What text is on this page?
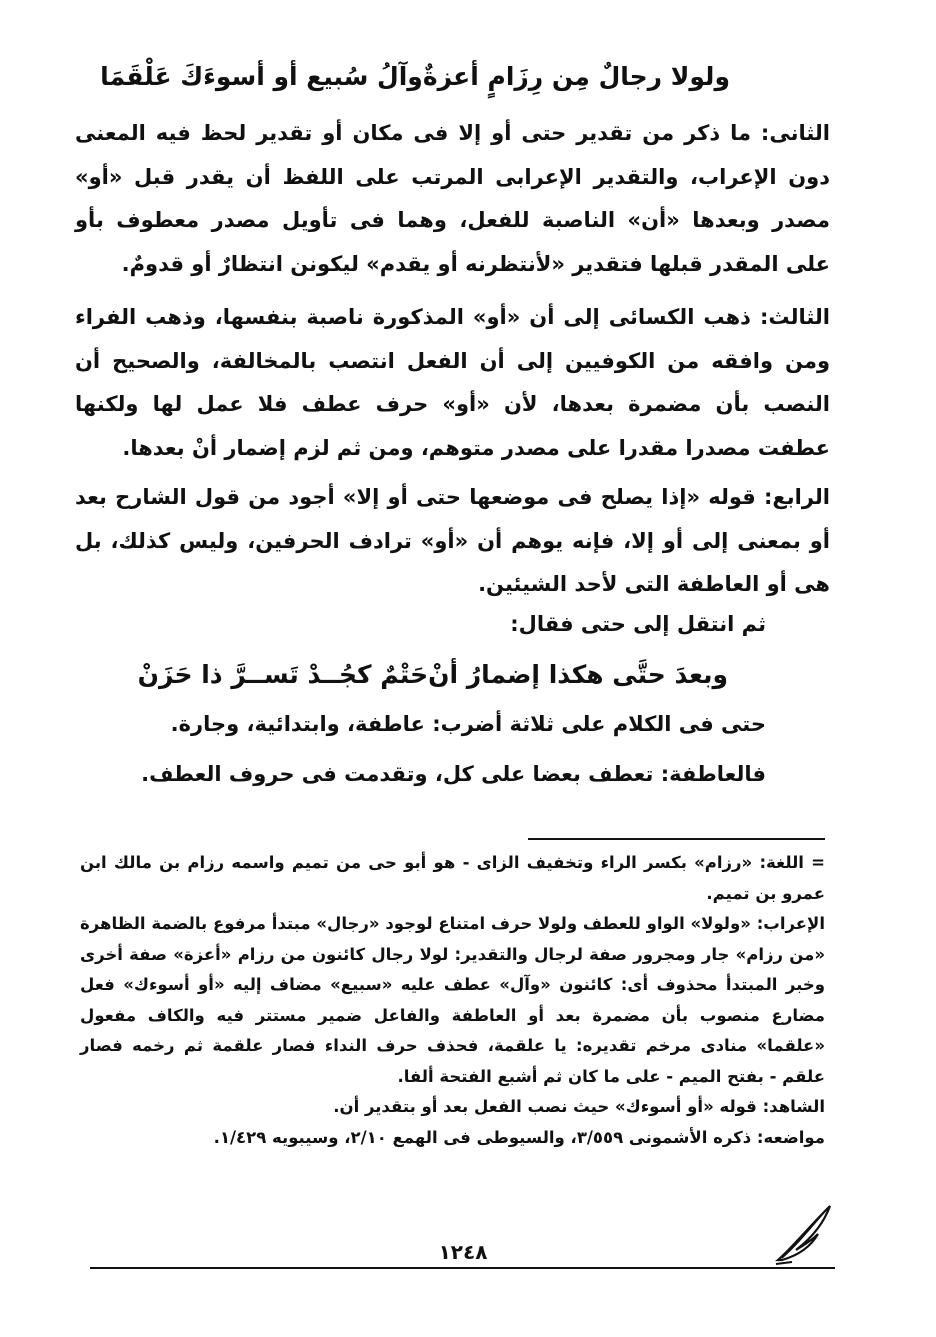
ولولا رجالٌ مِن رِزَامٍ أعزةٌ
وآلُ سُبيع أو أسوءَكَ عَلْقَمَا

الثانى: ما ذكر من تقدير حتى أو إلا فى مكان أو تقدير لحظ فيه المعنى دون الإعراب، والتقدير الإعرابى المرتب على اللفظ أن يقدر قبل «أو» مصدر وبعدها «أن» الناصبة للفعل، وهما فى تأويل مصدر معطوف بأو على المقدر قبلها فتقدير «لأنتظرنه أو يقدم» ليكونن انتظارٌ أو قدومٌ.

الثالث: ذهب الكسائى إلى أن «أو» المذكورة ناصبة بنفسها، وذهب الفراء ومن وافقه من الكوفيين إلى أن الفعل انتصب بالمخالفة، والصحيح أن النصب بأن مضمرة بعدها، لأن «أو» حرف عطف فلا عمل لها ولكنها عطفت مصدرا مقدرا على مصدر متوهم، ومن ثم لزم إضمار أنْ بعدها.

الرابع: قوله «إذا يصلح فى موضعها حتى أو إلا» أجود من قول الشارح بعد أو بمعنى إلى أو إلا، فإنه يوهم أن «أو» ترادف الحرفين، وليس كذلك، بل هى أو العاطفة التى لأحد الشيئين.

ثم انتقل إلى حتى فقال:
وبعدَ حتَّى هكذا إضمارُ أنْ
حَتْمٌ كجُــدْ تَســرَّ ذا حَزَنْ
حتى فى الكلام على ثلاثة أضرب: عاطفة، وابتدائية، وجارة.
فالعاطفة: تعطف بعضا على كل، وتقدمت فى حروف العطف.

= اللغة: «رزام» بكسر الراء وتخفيف الزاى - هو أبو حى من تميم واسمه رزام بن مالك ابن عمرو بن تميم.

الإعراب: «ولولا» الواو للعطف ولولا حرف امتناع لوجود «رجال» مبتدأ مرفوع بالضمة الظاهرة «من رزام» جار ومجرور صفة لرجال والتقدير: لولا رجال كائنون من رزام «أعزة» صفة أخرى وخبر المبتدأ محذوف أى: كائنون «وآل» عطف عليه «سبيع» مضاف إليه «أو أسوءك» فعل مضارع منصوب بأن مضمرة بعد أو العاطفة والفاعل ضمير مستتر فيه والكاف مفعول «علقما» منادى مرخم تقديره: يا علقمة، فحذف حرف النداء فصار علقمة ثم رخمه فصار علقم - بفتح الميم - على ما كان ثم أشبع الفتحة ألفا.

الشاهد: قوله «أو أسوءك» حيث نصب الفعل بعد أو بتقدير أن.

مواضعه: ذكره الأشمونى ٣/٥٥٩، والسيوطى فى الهمع ٢/١٠، وسيبويه ١/٤٢٩.

١٢٤٨
